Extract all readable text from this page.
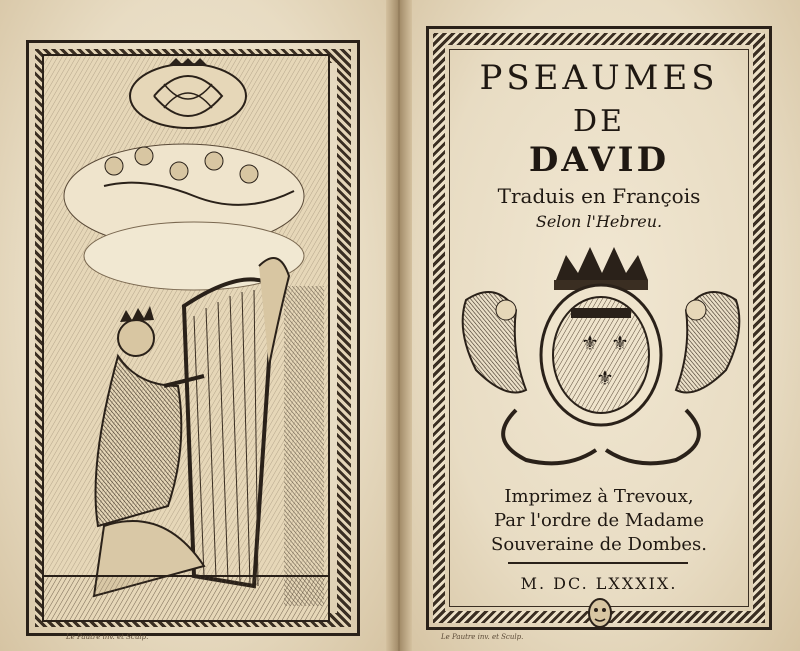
Le Pautre inv. et Sculp.
PSEAUMES
DE
DAVID
Traduis en François
Selon l'Hebreu.
⚜ ⚜
⚜
Imprimez à Trevoux,
Par l'ordre de Madame
Souveraine de Dombes.
M. DC. LXXXIX.
Le Pautre inv. et Sculp.
